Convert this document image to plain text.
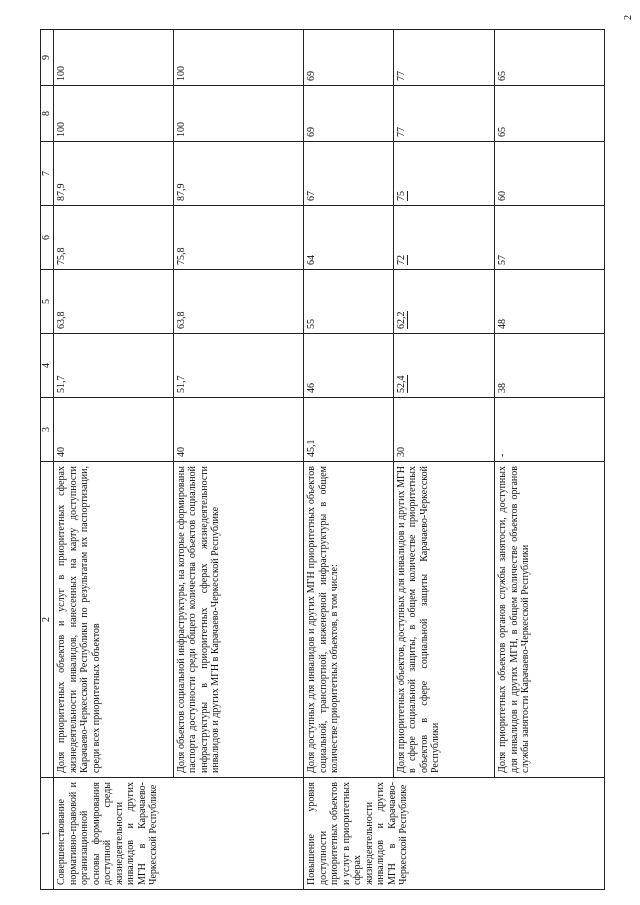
2
1	2	3	4	5	6	7	8	9
Совершенствование нормативно-правовой и организационной основы формирования доступной среды жизнедеятельности инвалидов и других МГН в Карачаево-Черкесской Республике	Доля приоритетных объектов и услуг в приоритетных сферах жизнедеятельности инвалидов, нанесенных на карту доступности Карачаево-Черкесской Республики по результатам их паспортизации, среди всех приоритетных объектов	40	51,7	63,8	75,8	87,9	100	100
	Доля объектов социальной инфраструктуры, на которые сформированы паспорта доступности среди общего количества объектов социальной инфраструктуры в приоритетных сферах жизнедеятельности инвалидов и других МГН в Карачаево-Черкесской Республике	40	51,7	63,8	75,8	87,9	100	100
Повышение уровня доступности приоритетных объектов и услуг в приоритетных сферах жизнедеятельности инвалидов и других МГН в Карачаево-Черкесской Республике	Доля доступных для инвалидов и других МГН приоритетных объектов социальной, транспортной, инженерной инфраструктуры в общем количестве приоритетных объектов, в том числе:	45,1	46	55	64	67	69	69
	Доля приоритетных объектов, доступных для инвалидов и других МГН в сфере социальной защиты, в общем количестве приоритетных объектов в сфере социальной защиты Карачаево-Черкесской Республики	30	52,4	62,2	72	75	77	77
	Доля приоритетных объектов органов службы занятости, доступных для инвалидов и других МГН, в общем количестве объектов органов службы занятости Карачаево-Черкесской Республики	-	38	48	57	60	65	65
